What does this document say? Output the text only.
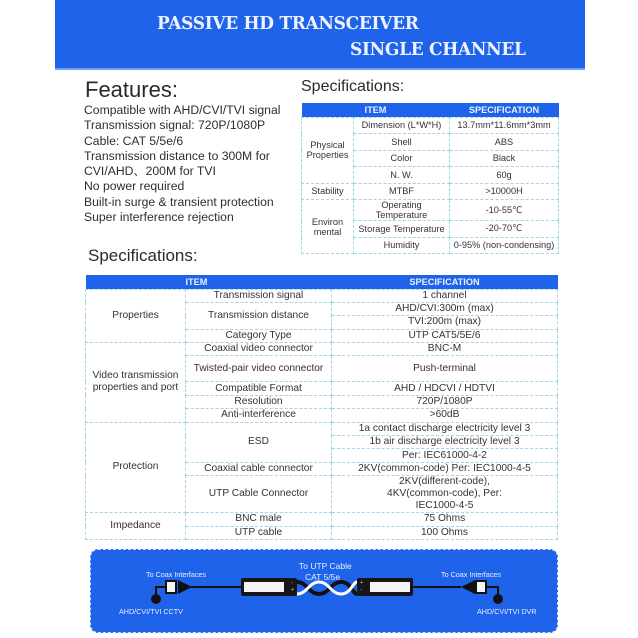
PASSIVE HD TRANSCEIVER
SINGLE CHANNEL
Features:
Compatible with AHD/CVI/TVI signal
Transmission signal: 720P/1080P
Cable: CAT 5/5e/6
Transmission distance to 300M for CVI/AHD、200M for TVI
No power required
Built-in surge & transient protection
Super interference rejection
Specifications:
ITEM		SPECIFICATION
Physical Properties	Dimension (L*W*H)	13.7mm*11.6mm*3mm
	Shell	ABS
	Color	Black
	N. W.	60g
Stability	MTBF	>10000H
Environ mental	Operating Temperature	-10-55℃
	Storage Temperature	-20-70℃
	Humidity	0-95% (non-condensing)
Specifications:
ITEM		SPECIFICATION
Properties	Transmission signal	1 channel
	Transmission distance	AHD/CVI:300m (max)
		TVI:200m (max)
	Category Type	UTP CAT5/5E/6
Video transmission properties and port	Coaxial video connector	BNC-M
	Twisted-pair video connector	Push-terminal
	Compatible Format	AHD / HDCVI / HDTVI
	Resolution	720P/1080P
	Anti-interference	>60dB
Protection	ESD	1a contact discharge electricity level 3
		1b air discharge electricity level 3
		Per: IEC61000-4-2
	Coaxial cable connector	2KV(common-code) Per: IEC1000-4-5
	UTP Cable Connector	2KV(different-code), 4KV(common-code), Per: IEC1000-4-5
Impedance	BNC male	75 Ohms
	UTP cable	100 Ohms
To Coax Interfaces
AHD/CVI/TVI CCTV
To UTP Cable
CAT 5/5e	To Coax Interfaces
AHD/CVI/TVI DVR
-
+
+
-
